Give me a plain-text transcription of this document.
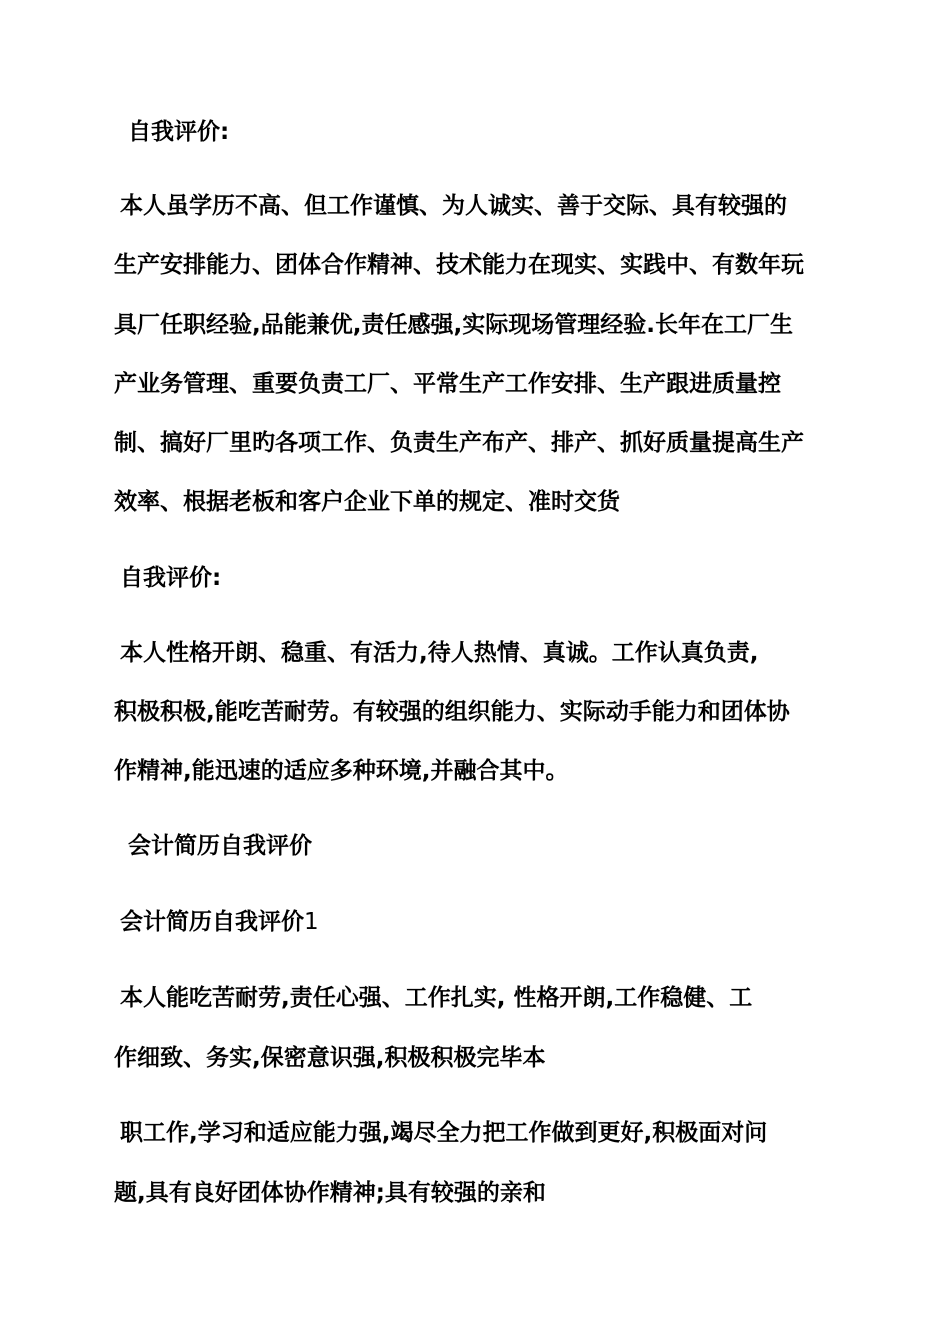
自我评价:
本人虽学历不高、但工作谨慎、为人诚实、善于交际、具有较强的
生产安排能力、团体合作精神、技术能力在现实、实践中、有数年玩
具厂任职经验,品能兼优,责任感强,实际现场管理经验.长年在工厂生
产业务管理、重要负责工厂、平常生产工作安排、生产跟进质量控
制、搞好厂里旳各项工作、负责生产布产、排产、抓好质量提高生产
效率、根据老板和客户企业下单的规定、准时交货
自我评价:
本人性格开朗、稳重、有活力,待人热情、真诚。工作认真负责,
积极积极,能吃苦耐劳。有较强的组织能力、实际动手能力和团体协
作精神,能迅速的适应多种环境,并融合其中。
会计简历自我评价
会计简历自我评价1
本人能吃苦耐劳,责任心强、工作扎实, 性格开朗,工作稳健、工
作细致、务实,保密意识强,积极积极完毕本
职工作,学习和适应能力强,竭尽全力把工作做到更好,积极面对问
题,具有良好团体协作精神;具有较强的亲和
